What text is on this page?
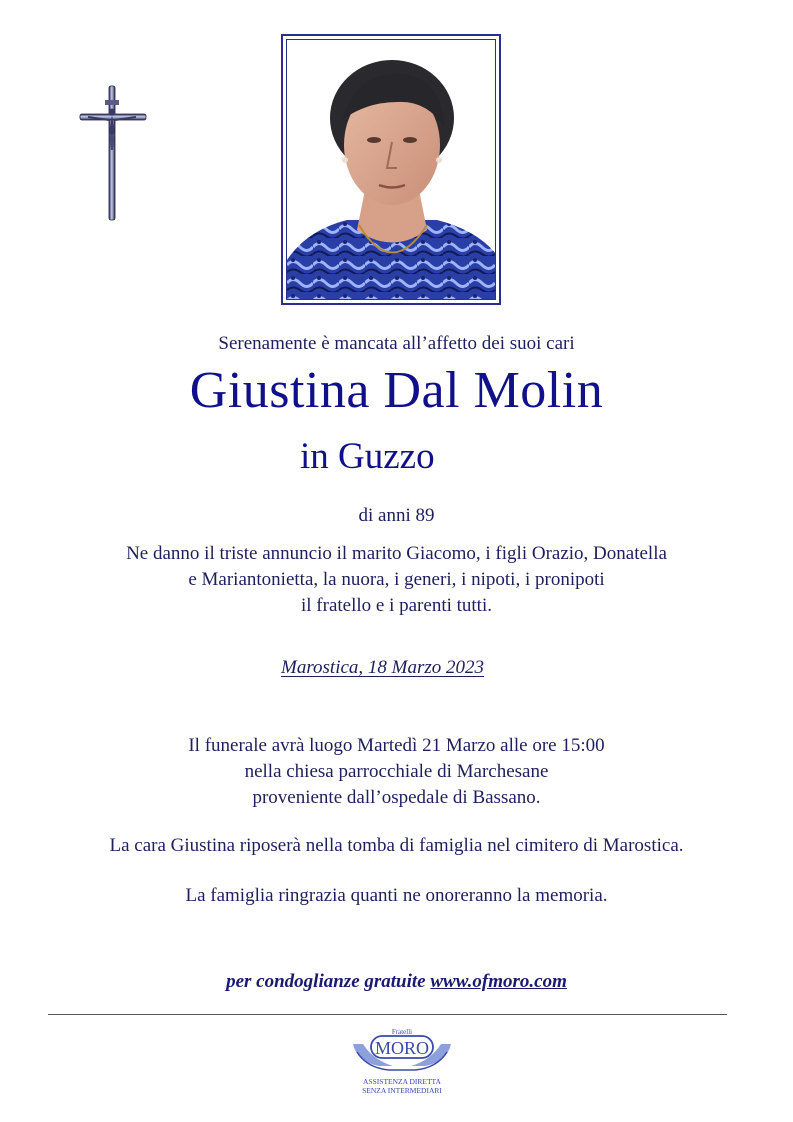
Serenamente è mancata all’affetto dei suoi cari
Giustina Dal Molin
in Guzzo
di anni 89
Ne danno il triste annuncio il marito Giacomo, i figli Orazio, Donatella
e Mariantonietta, la nuora, i generi, i nipoti, i pronipoti
il fratello e i parenti tutti.
Marostica, 18 Marzo 2023
Il funerale avrà luogo Martedì 21 Marzo alle ore 15:00
nella chiesa parrocchiale di Marchesane
proveniente dall’ospedale di Bassano.
La cara Giustina riposerà nella tomba di famiglia nel cimitero di Marostica.
La famiglia ringrazia quanti ne onoreranno la memoria.
per condoglianze gratuite www.ofmoro.com
Fratelli
MORO
ASSISTENZA DIRETTA
SENZA INTERMEDIARI
